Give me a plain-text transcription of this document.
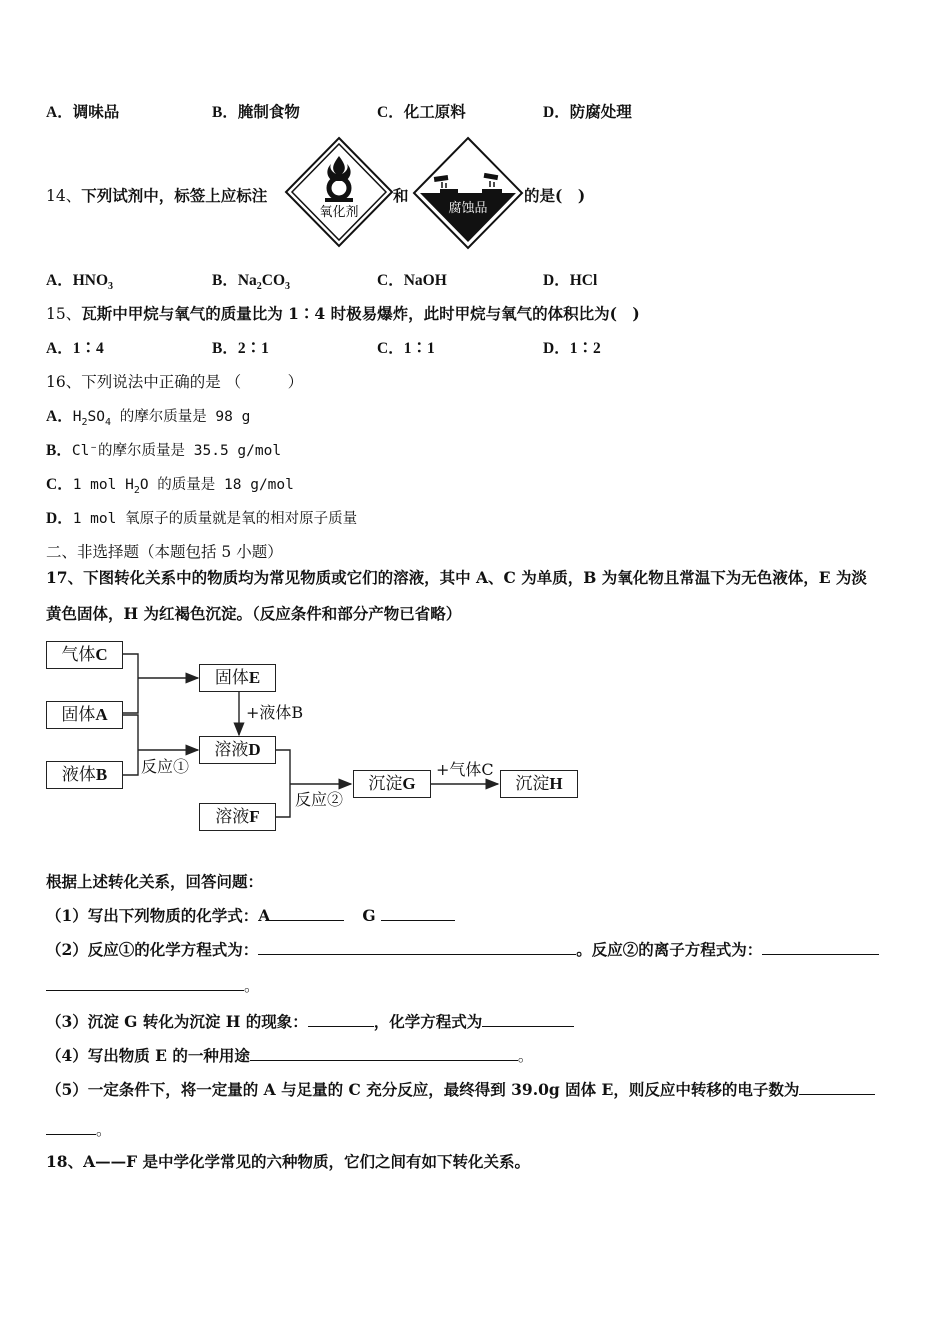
A．调味品	B．腌制食物	C．化工原料	D．防腐处理
14、下列试剂中，标签上应标注
氧化剂
和
腐蚀品
的是(　)
A．$HNO_3$	B．$Na_2CO_3$	C．NaOH	D．HCl
15、瓦斯中甲烷与氧气的质量比为 1∶4 时极易爆炸，此时甲烷与氧气的体积比为(　)
A．1∶4	B．2∶1	C．1∶1	D．1∶2
16、下列说法中正确的是 （　　　）
A．$H_2SO_4$ 的摩尔质量是 98 g
B．Cl⁻的摩尔质量是 35.5 g/mol
C．1 mol $H_2O$ 的质量是 18 g/mol
D．1 mol 氧原子的质量就是氧的相对原子质量
二、非选择题（本题包括 5 小题）
17、下图转化关系中的物质均为常见物质或它们的溶液，其中 A、C 为单质，B 为氧化物且常温下为无色液体，E 为淡
黄色固体，H 为红褐色沉淀。（反应条件和部分产物已省略）
气体C
固体A
液体B
固体E
溶液D
溶液F
沉淀G	沉淀H
+液体B
反应①
反应②
+气体C
根据上述转化关系，回答问题：
（1）写出下列物质的化学式：A	G
（2）反应①的化学方程式为：	。反应②的离子方程式为：
。
（3）沉淀 G 转化为沉淀 H 的现象：	，化学方程式为
（4）写出物质 E 的一种用途	。
（5）一定条件下，将一定量的 A 与足量的 C 充分反应，最终得到 39.0g 固体 E，则反应中转移的电子数为
。
18、A——F 是中学化学常见的六种物质，它们之间有如下转化关系。
